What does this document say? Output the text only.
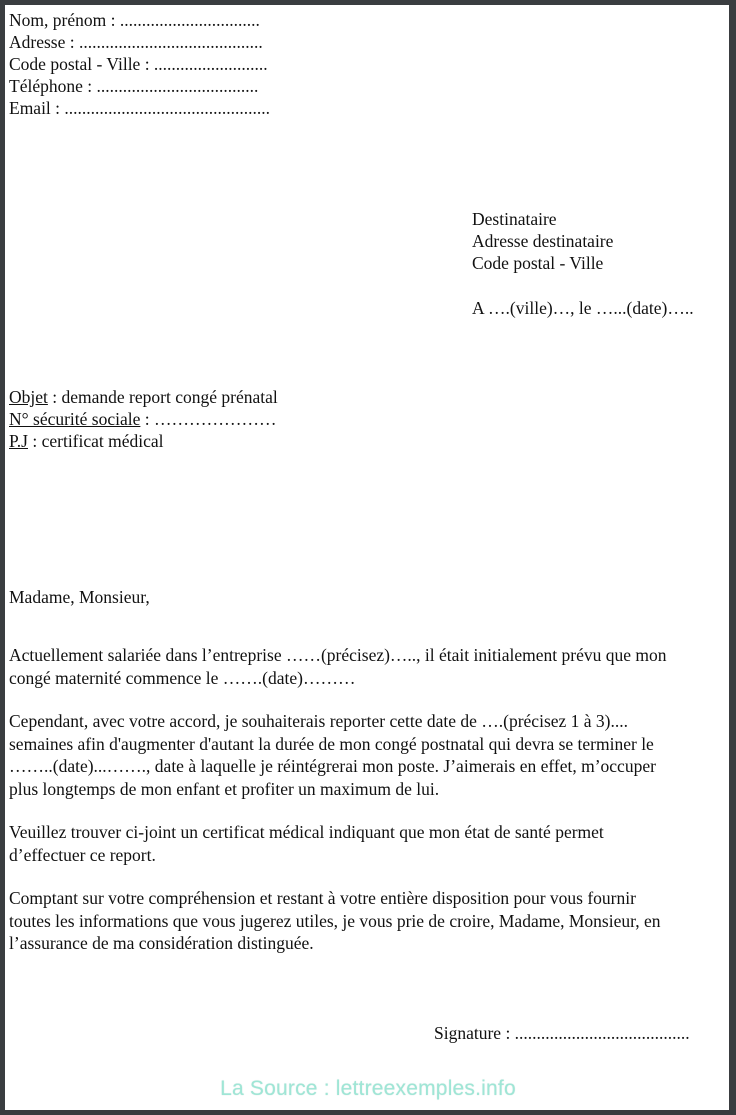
Nom, prénom : ................................
Adresse : ..........................................
Code postal - Ville : ..........................
Téléphone : .....................................
Email : ...............................................
Destinataire
Adresse destinataire
Code postal - Ville
A ….(ville)…, le …...(date)…..
Objet : demande report congé prénatal
N° sécurité sociale : …………………
P.J : certificat médical
Madame, Monsieur,
Actuellement salariée dans l’entreprise ……(précisez)….., il était initialement prévu que mon
congé maternité commence le …….(date)………
Cependant, avec votre accord, je souhaiterais reporter cette date de ….(précisez 1 à 3)....
semaines afin d'augmenter d'autant la durée de mon congé postnatal qui devra se terminer le
……..(date)...……., date à laquelle je réintégrerai mon poste. J’aimerais en effet, m’occuper
plus longtemps de mon enfant et profiter un maximum de lui.
Veuillez trouver ci-joint un certificat médical indiquant que mon état de santé permet
d’effectuer ce report.
Comptant sur votre compréhension et restant à votre entière disposition pour vous fournir
toutes les informations que vous jugerez utiles, je vous prie de croire, Madame, Monsieur, en
l’assurance de ma considération distinguée.
Signature : ........................................
La Source : lettreexemples.info
